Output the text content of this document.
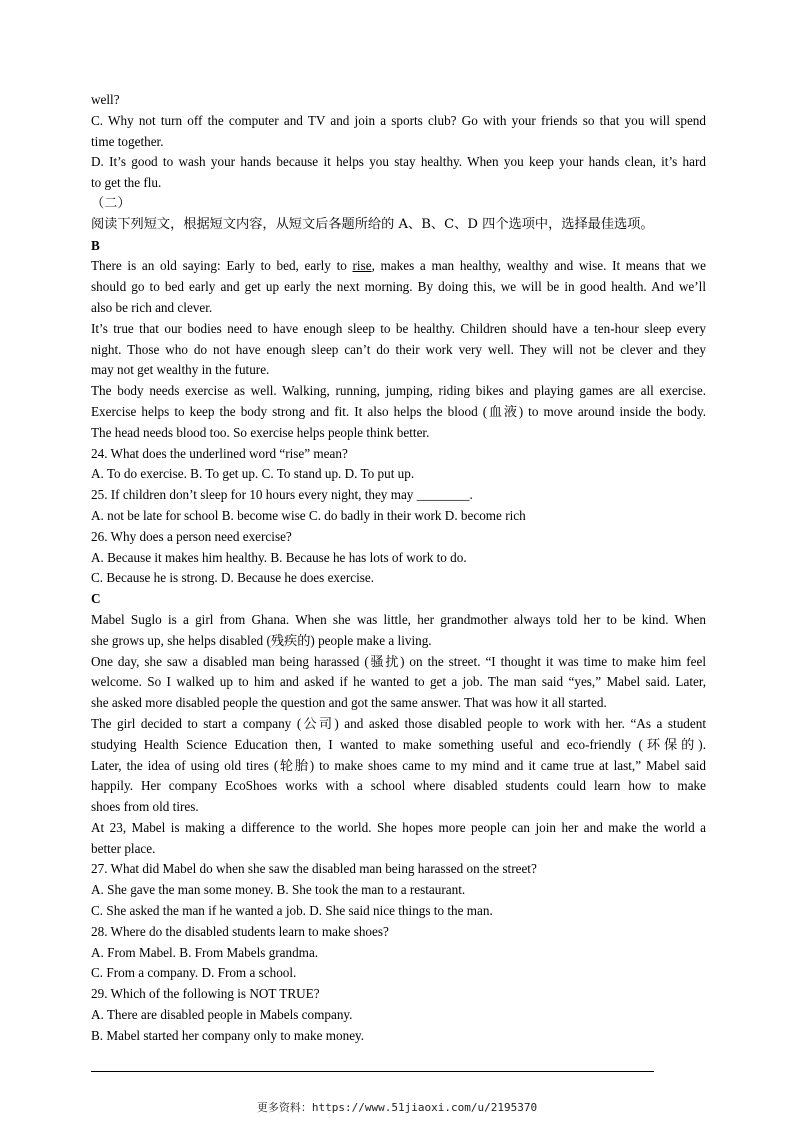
well?
C. Why not turn off the computer and TV and join a sports club? Go with your friends so that you will spend
time together.
D. It’s good to wash your hands because it helps you stay healthy. When you keep your hands clean, it’s hard
to get the flu.
（二）
阅读下列短文，根据短文内容，从短文后各题所给的 A、B、C、D 四个选项中，选择最佳选项。
B
There is an old saying: Early to bed, early to rise, makes a man healthy, wealthy and wise. It means that we
should go to bed early and get up early the next morning. By doing this, we will be in good health. And we’ll
also be rich and clever.
It’s true that our bodies need to have enough sleep to be healthy. Children should have a ten-hour sleep every
night. Those who do not have enough sleep can’t do their work very well. They will not be clever and they
may not get wealthy in the future.
The body needs exercise as well. Walking, running, jumping, riding bikes and playing games are all exercise.
Exercise helps to keep the body strong and fit. It also helps the blood (血液) to move around inside the body.
The head needs blood too. So exercise helps people think better.
24. What does the underlined word “rise” mean?
A. To do exercise. B. To get up. C. To stand up. D. To put up.
25. If children don’t sleep for 10 hours every night, they may ________.
A. not be late for school B. become wise C. do badly in their work D. become rich
26. Why does a person need exercise?
A. Because it makes him healthy. B. Because he has lots of work to do.
C. Because he is strong. D. Because he does exercise.
C
Mabel Suglo is a girl from Ghana. When she was little, her grandmother always told her to be kind. When
she grows up, she helps disabled (残疾的) people make a living.
One day, she saw a disabled man being harassed (骚扰) on the street. “I thought it was time to make him feel
welcome. So I walked up to him and asked if he wanted to get a job. The man said “yes,” Mabel said. Later,
she asked more disabled people the question and got the same answer. That was how it all started.
The girl decided to start a company (公司) and asked those disabled people to work with her. “As a student
studying Health Science Education then, I wanted to make something useful and eco-friendly (环保的).
Later, the idea of using old tires (轮胎) to make shoes came to my mind and it came true at last,” Mabel said
happily. Her company EcoShoes works with a school where disabled students could learn how to make
shoes from old tires.
At 23, Mabel is making a difference to the world. She hopes more people can join her and make the world a
better place.
27. What did Mabel do when she saw the disabled man being harassed on the street?
A. She gave the man some money. B. She took the man to a restaurant.
C. She asked the man if he wanted a job. D. She said nice things to the man.
28. Where do the disabled students learn to make shoes?
A. From Mabel. B. From Mabels grandma.
C. From a company. D. From a school.
29. Which of the following is NOT TRUE?
A. There are disabled people in Mabels company.
B. Mabel started her company only to make money.
更多资料：https://www.51jiaoxi.com/u/2195370
